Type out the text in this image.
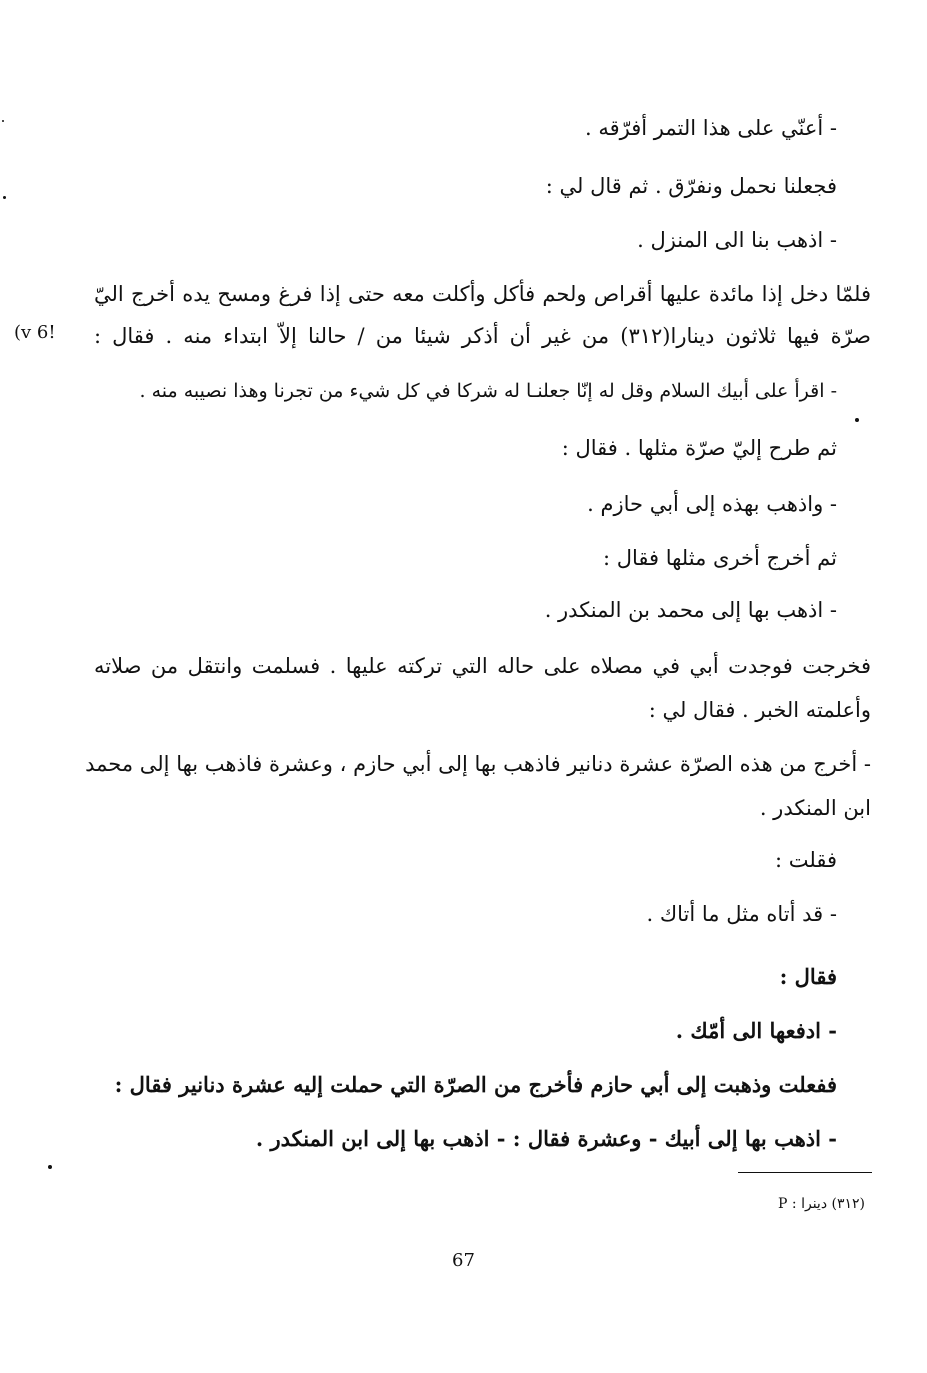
- أعنّي على هذا التمر أفرّقه .
فجعلنا نحمل ونفرّق . ثم قال لي :
- اذهب بنا الى المنزل .
فلمّا دخل إذا مائدة عليها أقراص ولحم فأكل وأكلت معه حتى إذا فرغ ومسح يده أخرج اليّ
صرّة فيها ثلاثون دينارا(٣١٢) من غير أن أذكر شيئا من / حالنا إلاّ ابتداء منه . فقال :
- اقرأ على أبيك السلام وقل له إنّا جعلنـا له شركا في كل شيء من تجرنا وهذا نصيبه منه .
ثم طرح إليّ صرّة مثلها . فقال :
- واذهب بهذه إلى أبي حازم .
ثم أخرج أخرى مثلها فقال :
- اذهب بها إلى محمد بن المنكدر .
فخرجت فوجدت أبي في مصلاه على حاله التي تركته عليها . فسلمت وانتقل من صلاته
وأعلمته الخبر . فقال لي :
- أخرج من هذه الصرّة عشرة دنانير فاذهب بها إلى أبي حازم ، وعشرة فاذهب بها إلى محمد
ابن المنكدر .
فقلت :
- قد أتاه مثل ما أتاك .
فقال :
- ادفعها الى أمّك .
ففعلت وذهبت إلى أبي حازم فأخرج من الصرّة التي حملت إليه عشرة دنانير فقال :
- اذهب بها إلى أبيك - وعشرة فقال : - اذهب بها إلى ابن المنكدر .
(v 6!
(٣١٢) دينرا : P
67
